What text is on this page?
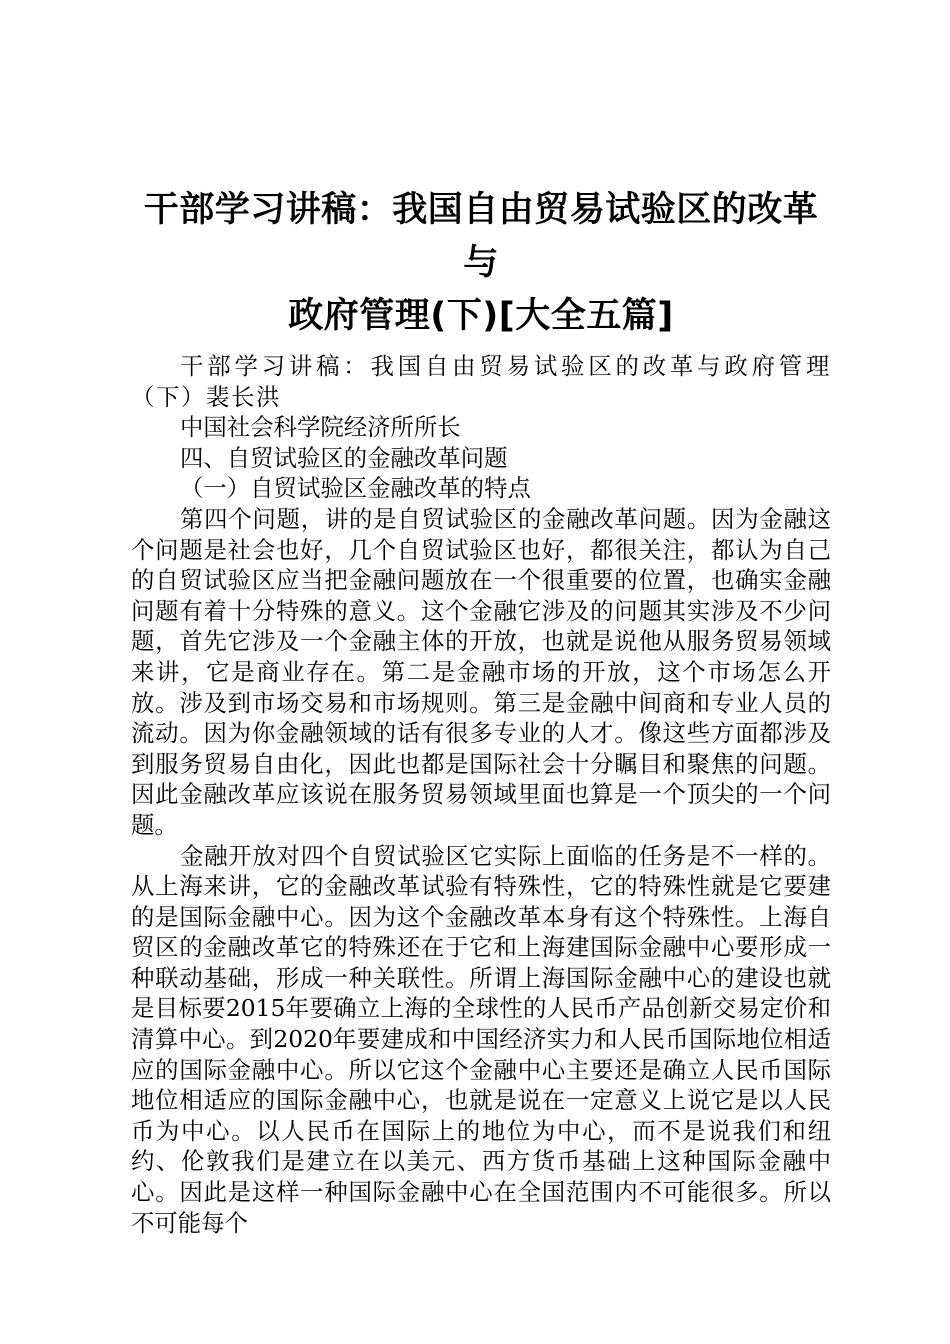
干部学习讲稿：我国自由贸易试验区的改革与
政府管理(下)[大全五篇]

干部学习讲稿：我国自由贸易试验区的改革与政府管理（下）裴长洪

中国社会科学院经济所所长

四、自贸试验区的金融改革问题

（一）自贸试验区金融改革的特点

第四个问题，讲的是自贸试验区的金融改革问题。因为金融这个问题是社会也好，几个自贸试验区也好，都很关注，都认为自己的自贸试验区应当把金融问题放在一个很重要的位置，也确实金融问题有着十分特殊的意义。这个金融它涉及的问题其实涉及不少问题，首先它涉及一个金融主体的开放，也就是说他从服务贸易领域来讲，它是商业存在。第二是金融市场的开放，这个市场怎么开放。涉及到市场交易和市场规则。第三是金融中间商和专业人员的流动。因为你金融领域的话有很多专业的人才。像这些方面都涉及到服务贸易自由化，因此也都是国际社会十分瞩目和聚焦的问题。因此金融改革应该说在服务贸易领域里面也算是一个顶尖的一个问题。

金融开放对四个自贸试验区它实际上面临的任务是不一样的。从上海来讲，它的金融改革试验有特殊性，它的特殊性就是它要建的是国际金融中心。因为这个金融改革本身有这个特殊性。上海自贸区的金融改革它的特殊还在于它和上海建国际金融中心要形成一种联动基础，形成一种关联性。所谓上海国际金融中心的建设也就是目标要2015年要确立上海的全球性的人民币产品创新交易定价和清算中心。到2020年要建成和中国经济实力和人民币国际地位相适应的国际金融中心。所以它这个金融中心主要还是确立人民币国际地位相适应的国际金融中心，也就是说在一定意义上说它是以人民币为中心。以人民币在国际上的地位为中心，而不是说我们和纽约、伦敦我们是建立在以美元、西方货币基础上这种国际金融中心。因此是这样一种国际金融中心在全国范围内不可能很多。所以不可能每个
